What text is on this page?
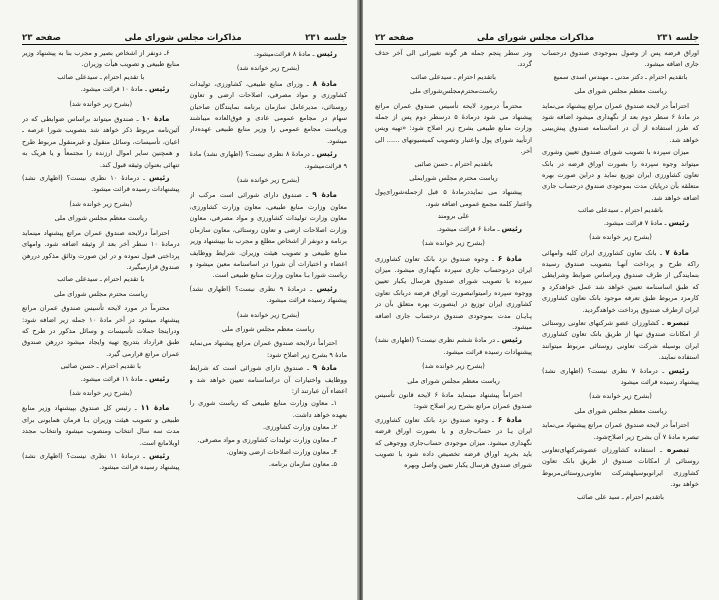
جلسه ۲۳۱
مذاکرات مجلس شورای ملی
صفحه ۲۳
رئیس ـ مادهٔ ۸ قرائت‌میشود.
(بشرح زیر خوانده شد)
مادهٔ ۸ ـ وزرای منابع طبیعی، کشاورزی، تولیدات کشاورزی و مواد مصرفی، اصلاحات ارضی و تعاون روستائی، مدیرعامل سازمان برنامه نمایندگان صاحبان سهام در مجامع عمومی عادی و فوق‌العاده میباشند وریاست مجامع عمومی را وزیر منابع طبیعی عهده‌دار میشود.
رئیس ـ درمادهٔ ۸ نظری نیست؟ (اظهاری نشد) مادهٔ ۹ قرائت‌میشود.
(بشرح زیر خوانده شد)
مادهٔ ۹ ـ صندوق دارای شورائی است مرکب از معاون وزارت منابع طبیعی، معاون وزارت کشاورزی، معاون وزارت تولیدات کشاورزی و مواد مصرفی، معاون وزارت اصلاحات ارضی و تعاون روستائی، معاون سازمان برنامه و دونفر از اشخاص مطلع و مجرب بنا بپیشنهاد وزیر منابع طبیعی و تصویب هیئت وزیران. شرایط ووظایف اعضاء و اختیارات آن شورا در اساسنامه معین میشود و ریاست شورا بـا معاون وزارت منابع طبیعی است.
رئیس ـ درمادهٔ ۹ نظری نیست؟ (اظهاری نشد) پیشنهاد رسیده قرائت میشود.
(بشرح زیر خوانده شد)
ریاست معظم مجلس شورای ملی
احتراماً درلایحه صندوق عمران مراتع پیشنهاد می‌نماید مادهٔ ۹ بشرح زیر اصلاح شود:
مادهٔ ۹ ـ صندوق دارای شورائی است که شرایط ووظایف واختیارات آن دراساسنامه تعیین خواهد شد و اعضاء آن عبارتند از:
۱ـ معاون وزارت منابع طبیعی که ریاست شوری را بعهده خواهد داشت.
۲ـ معاون وزارت کشاورزی.
۳ـ معاون وزارت تولیدات کشاورزی و مواد مصرفی.
۴ـ معاون وزارت اصلاحات ارضی وتعاون.
۵ـ معاون سازمان برنامه.
۶ـ دونفر از اشخاص بصیر و مجرب بنا به پیشنهاد وزیر منابع طبیعی و تصویب هیأت وزیران.
با تقدیم احترام ـ سیدعلی صائب
رئیس ـ مادهٔ ۱۰ قرائت میشود.
(بشرح زیر خوانده شد)
مادهٔ ۱۰ ـ صندوق میتواند براساس ضوابطی که در آئین‌نامه مربوط ذکر خواهد شد بتصویب شورا عرصه ـ اعیان، تأسیسات، وسائل منقول و غیرمنقول مربوط طرح و همچنین سایر اموال ارزنده را مجتمعاً و یا هریک به تنهائی بعنوان وثیقه قبول کند.
رئیس ـ درمادهٔ ۱۰ نظری نیست؟ (اظهاری نشد) پیشنهادات رسیده قرائت میشود.
(بشرح زیر خوانده شد)
ریاست معظم مجلس شورای ملی
احتراماً درلایحه صندوق عمران مراتع پیشنهاد مینماید درمادهٔ ۱۰ سطر آخر بعد از وثیقه اضافه شود. وامهای پرداختی قبول نموده و در این صورت وثائق مذکور دررهن صندوق قرارمیگیرد.
با تقدیم احترام ـ سیدعلی صائب
ریاست محترم مجلس شورای ملی
محترماً در مورد لایحه تأسیس صندوق عمران مراتع پیشنهاد میشود در آخر مادهٔ ۱۰ جمله زیر اضافه شود: ودراینجا جملات تأسیسات و وسائل مذکور در طرح که طبق قرارداد بتدریج تهیه وایجاد میشود دررهن صندوق عمران مراتع قرارمی گیرد.
با تقدیم احترام ـ حسن صائبی
رئیس ـ مادهٔ ۱۱ قرائت میشود.
(بشرح زیر خوانده شد)
مادهٔ ۱۱ ـ رئیس کل صندوق بپیشنهاد وزیر منابع طبیعی و تصویب هیئت وزیران بـا فرمان همایونی برای مدت سه سال انتخاب ومنصوب میشود وانتخاب مجدد اوبلامانع است.
رئیس ـ درمادهٔ ۱۱ نظری نیست؟ (اظهاری نشد) پیشنهاد رسیده قرائت میشود.
جلسه ۲۳۱
مذاکرات مجلس شورای ملی
صفحه ۲۲
اوراق قرضه پس از وصول بموجودی صندوق درحساب جاری اضافه میشود.
باتقدیم احترام ـ دکتر مدنی ـ مهندس اسدی سمیع
ریاست معظم مجلس شورای ملی
احتراماً در لایحه صندوق عمران مراتع پیشنهاد می‌نماید در مادهٔ ۶ سطر دوم بعد از نگهداری میشود اضافه شود که طرز استفاده از آن در اساسنامه صندوق پیش‌بینی خواهد شد.
میزان سپرده با تصویب شورای صندوق تعیین وشوری میتواند وجوه سپرده را بصورت اوراق قرضه در بانک تعاون کشاورزی ایران توزیع نماید و دراین صورت بهره متعلقه بآن درپایان مدت بموجودی صندوق درحساب جاری اضافه خواهد شد.
باتقدیم احترام ـ سیدعلی صائب
رئیس ـ مادهٔ ۷ قرائت میشود.
(بشرح زیر خوانده شد)
مادهٔ ۷ ـ بانک تعاون کشاورزی ایران کلیه وامهائی راکه طرح و پرداخت آنهـا بتصویب صندوق رسیده بنمایندگی از طرف صندوق وبراساس ضوابط وشرایطی که طبق اساسنامه تعیین خواهد شد عمل خواهدکرد و کارمزد مربوط طبق تعرفه موجود بانک تعاون کشاورزی ایران ازطرف صندوق پرداخت خواهدگردید.
تبصره ـ کشاورزان عضو شرکتهای تعاونی روستائی از امکانات صندوق تنها از طریق بانک تعاون کشاورزی ایران بوسیله شرکت تعاونی روستائی مربوط میتوانند استفاده نمایند.
رئیس ـ درمادهٔ ۷ نظری نیست؟ (اظهاری نشد) پیشنهاد رسیده قرائت میشود
(بشرح زیر خوانده شد)
ریاست معظم مجلس شورای ملی
احتراماً در لایحه صندوق عمران مراتع پیشنهاد می‌نماید تبصره مادهٔ ۷ آن بشرح زیر اصلاح‌شود.
تبصره ـ استفاده کشاورزان عضوشرکتهای‌تعاونی روستائی از امکانات صندوق از طریق بانک تعاون کشاورزی ایرانوبوسیلهشرکت تعاونی‌روستائی‌مربوط خواهد بود.
باتقدیم احترام ـ سید علی صائب
ودر سطر پنجم جمله هر گونه تغییراتی الی آخر حذف گردد.
باتقدیم احترام ـ سیدعلی صائب
ریاست‌محترم‌مجلس‌شورای ملی
محترماً درمورد لایحه تأسیس صندوق عمران مراتع پیشنهاد می شود درمادهٔ ۵ درسطر دوم پس از جمله وزارت منابع طبیعی بشرح زیر اصلاح شود: «تهیه ویس ازتأیید شورای پول واعتبار وتصویب کمیسیونهای ...... الی آخر.
باتقدیم احترام ـ حسن صائبی
ریاست محترم مجلس شورایملی
پیشنهاد می نمایددرمادهٔ ۵ قبل ازجمله‌شورای‌پول واعتبار کلمه مجمع عمومی اضافه شود.
علی برومند
رئیس ـ مادهٔ ۶ قرائت میشود.
(بشرح زیر خوانده شد)
مادهٔ ۶ ـ وجوه صندوق نزد بانک تعاون کشاورزی ایران دردوحساب جاری سپرده نگهداری میشود. میزان سپرده با تصویب شورای صندوق هرسال یکبار تعیین ووجوه سپرده رامیتوانبصورت اوراق قرضه دربانک تعاون کشاورزی ایران توزیع در اینصورت بهره متعلق بآن در پـایـان مدت بموجودی صندوق درحساب جاری اضافه میشود.
رئیس ـ در مادهٔ ششم نظری نیست؟ (اظهاری نشد) پیشنهادات رسیده قرائت میشود.
(بشرح زیر خوانده شد)
ریاست معظم مجلس شورای ملی
احتراماً پیشنهاد مینماید مادهٔ ۶ لایحه قانون تأسیس صندوق عمران مراتع بشرح زیر اصلاح شود:
مادهٔ ۶ ـ وجوه صندوق نزد بانک تعاون کشاورزی ایران یـا در حساب‌جاری و یا بصورت اوراق قرضه نگهداری میشود. میزان موجودی حساب‌جاری ووجوهی که باید بخرید اوراق قرضه تخصیص داده شود با تصویب شورای صندوق هرسال یکبار تعیین واصل وبهره
